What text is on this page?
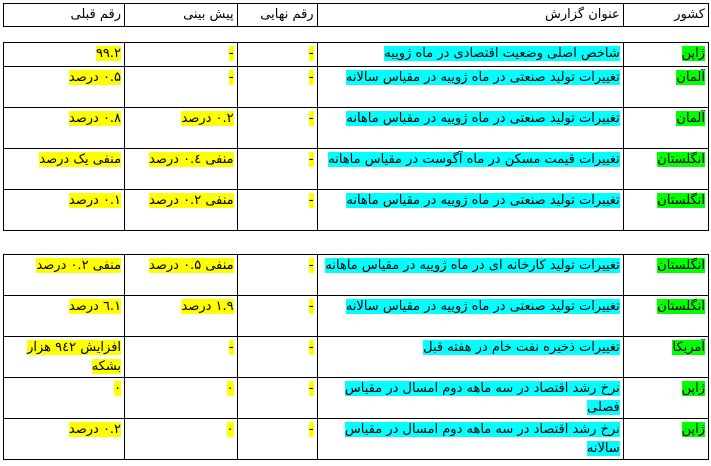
کشور	عنوان گزارش	رقم نهایی	پیش بینی	رقم قبلی
ژاپن	شاخص اصلی وضعیت اقتصادی در ماه ژوییه	-	-	۹۹.۲
آلمان	تغییرات تولید صنعتی در ماه ژوییه در مقیاس سالانه	-	-	۰.۵ درصد
آلمان	تغییرات تولید صنعتی در ماه ژوییه در مقیاس ماهانه	-	۰.۲ درصد	۰.۸ درصد
انگلستان	تغییرات قیمت مسکن در ماه آگوست در مقیاس ماهانه	-	منفی ۰.٤ درصد	منفی یک درصد
انگلستان	تغییرات تولید صنعتی در ماه ژوییه در مقیاس ماهانه	-	منفی ۰.۲ درصد	۰.۱ درصد
انگلستان	تغییرات تولید کارخانه ای در ماه ژوییه در مقیاس ماهانه	-	منفی ۰.۵ درصد	منفی ۰.۲ درصد
انگلستان	تغییرات تولید صنعتی در ماه ژوییه در مقیاس سالانه	-	۱.۹ درصد	۱.٦ درصد
آمریکا	تغییرات ذخیره نفت خام در هفته قبل	-	-	افزایش ۹٤۲ هزار بشکه
ژاپن	نرخ رشد اقتصاد در سه ماهه دوم امسال در مقیاس فصلی	-	۰	۰
ژاپن	نرخ رشد اقتصاد در سه ماهه دوم امسال در مقیاس سالانه	-	۰	۰.۲ درصد
